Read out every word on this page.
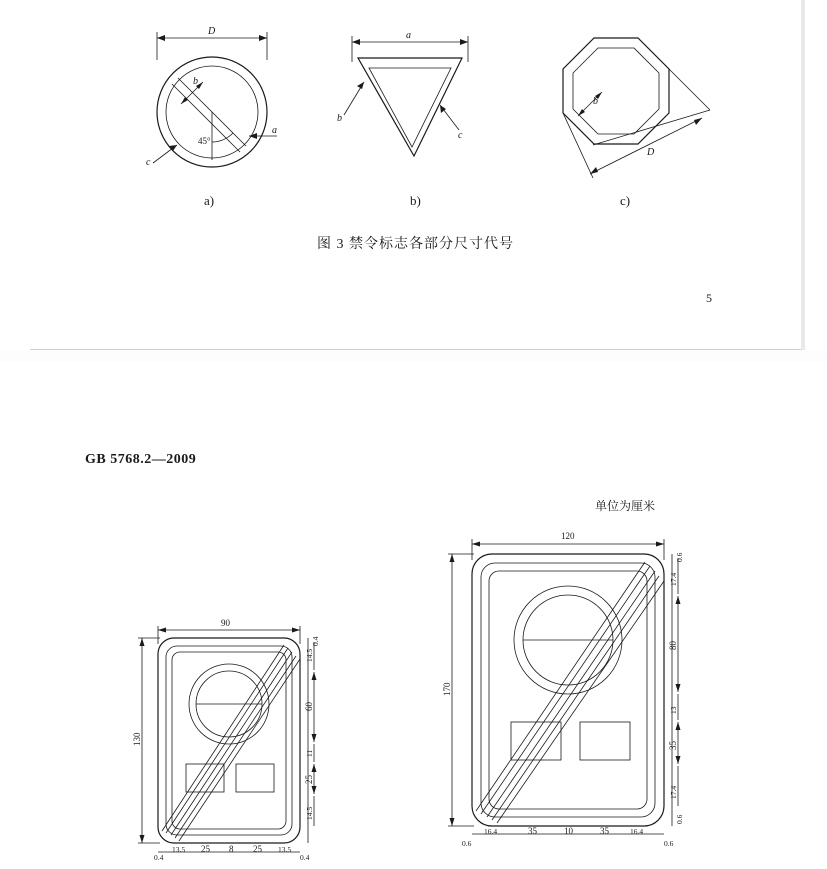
D
b
a
c
45°
a)
a
b
c
b)
b
D
c)
图 3 禁令标志各部分尺寸代号
5
GB 5768.2—2009
单位为厘米
90
130
0.4
14.5
60
11
25
14.5
0.4
13.5 25 8 25 13.5
0.4
120
170
0.6
17.4
80
13
35
17.4
0.6
0.6
16.4	35	10	35	16.4
0.6
